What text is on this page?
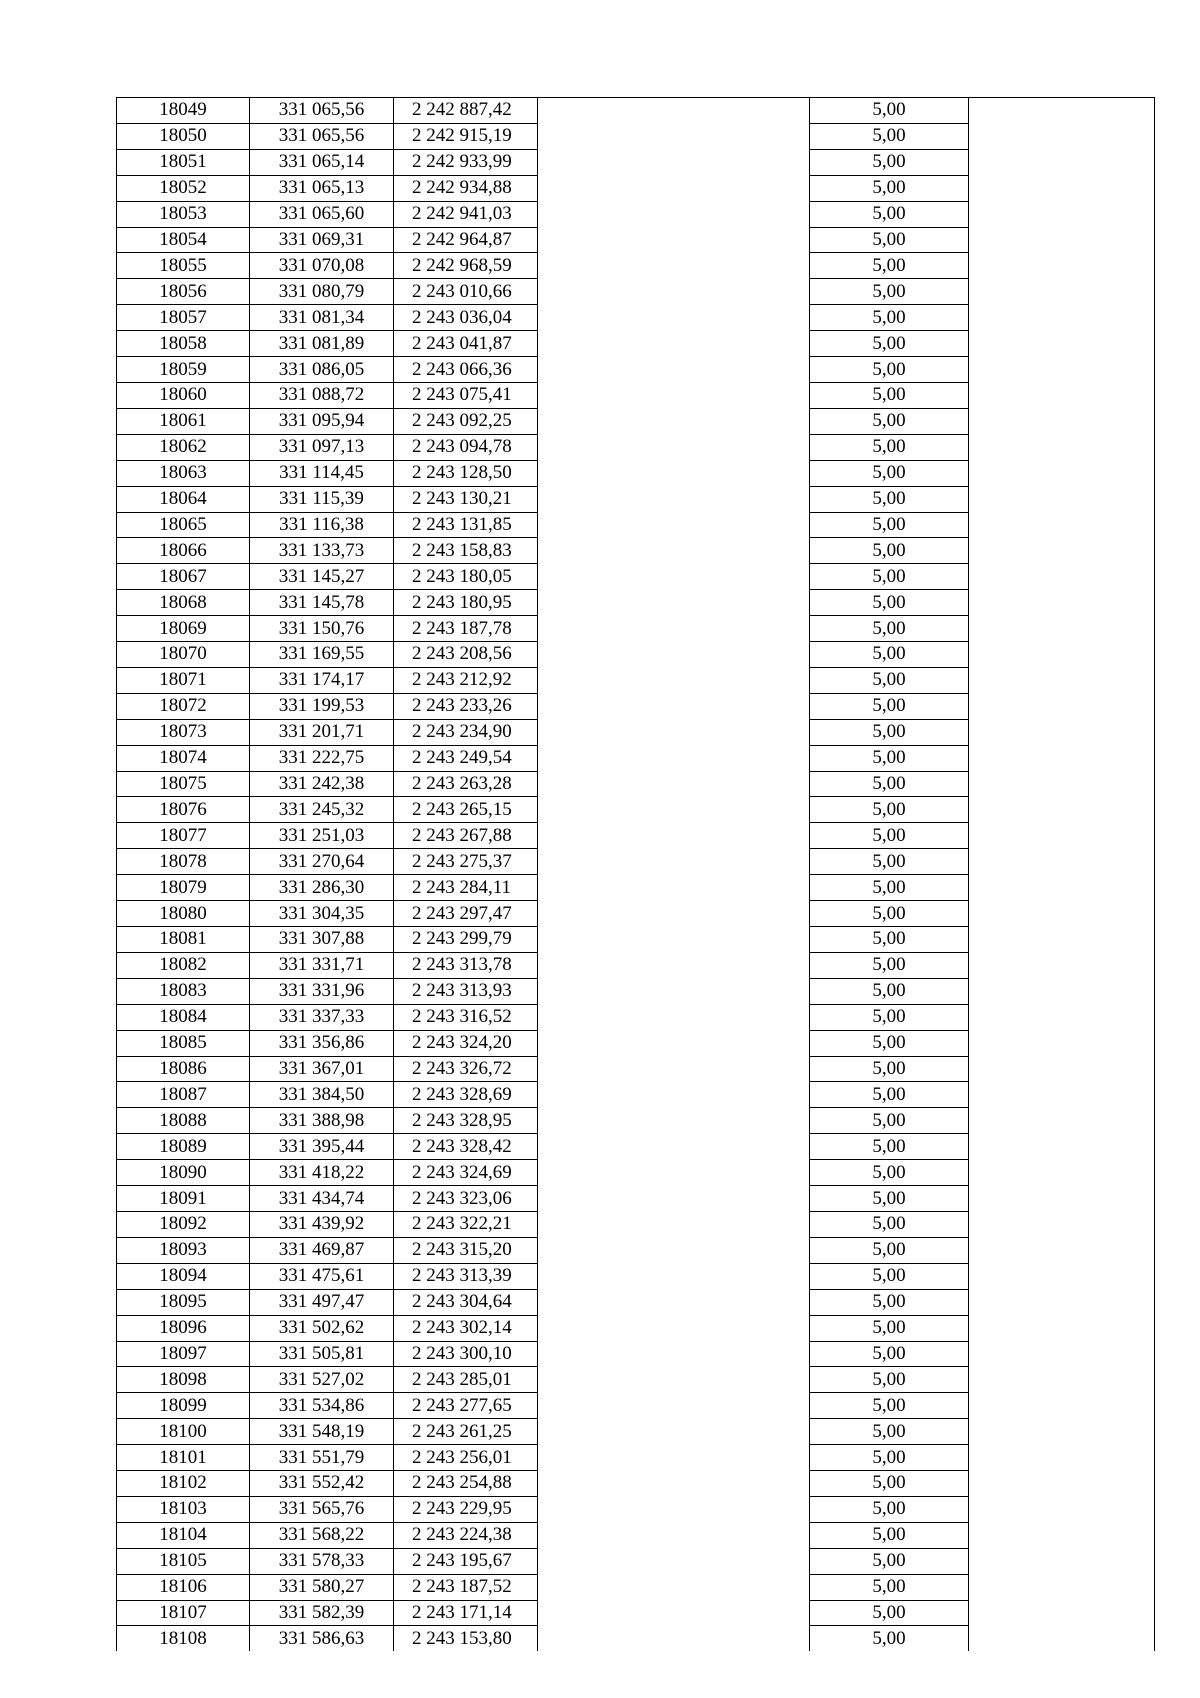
18049	331 065,56	2 242 887,42		5,00	
18050	331 065,56	2 242 915,19		5,00	
18051	331 065,14	2 242 933,99		5,00	
18052	331 065,13	2 242 934,88		5,00	
18053	331 065,60	2 242 941,03		5,00	
18054	331 069,31	2 242 964,87		5,00	
18055	331 070,08	2 242 968,59		5,00	
18056	331 080,79	2 243 010,66		5,00	
18057	331 081,34	2 243 036,04		5,00	
18058	331 081,89	2 243 041,87		5,00	
18059	331 086,05	2 243 066,36		5,00	
18060	331 088,72	2 243 075,41		5,00	
18061	331 095,94	2 243 092,25		5,00	
18062	331 097,13	2 243 094,78		5,00	
18063	331 114,45	2 243 128,50		5,00	
18064	331 115,39	2 243 130,21		5,00	
18065	331 116,38	2 243 131,85		5,00	
18066	331 133,73	2 243 158,83		5,00	
18067	331 145,27	2 243 180,05		5,00	
18068	331 145,78	2 243 180,95		5,00	
18069	331 150,76	2 243 187,78		5,00	
18070	331 169,55	2 243 208,56		5,00	
18071	331 174,17	2 243 212,92		5,00	
18072	331 199,53	2 243 233,26		5,00	
18073	331 201,71	2 243 234,90		5,00	
18074	331 222,75	2 243 249,54		5,00	
18075	331 242,38	2 243 263,28		5,00	
18076	331 245,32	2 243 265,15		5,00	
18077	331 251,03	2 243 267,88		5,00	
18078	331 270,64	2 243 275,37		5,00	
18079	331 286,30	2 243 284,11		5,00	
18080	331 304,35	2 243 297,47		5,00	
18081	331 307,88	2 243 299,79		5,00	
18082	331 331,71	2 243 313,78		5,00	
18083	331 331,96	2 243 313,93		5,00	
18084	331 337,33	2 243 316,52		5,00	
18085	331 356,86	2 243 324,20		5,00	
18086	331 367,01	2 243 326,72		5,00	
18087	331 384,50	2 243 328,69		5,00	
18088	331 388,98	2 243 328,95		5,00	
18089	331 395,44	2 243 328,42		5,00	
18090	331 418,22	2 243 324,69		5,00	
18091	331 434,74	2 243 323,06		5,00	
18092	331 439,92	2 243 322,21		5,00	
18093	331 469,87	2 243 315,20		5,00	
18094	331 475,61	2 243 313,39		5,00	
18095	331 497,47	2 243 304,64		5,00	
18096	331 502,62	2 243 302,14		5,00	
18097	331 505,81	2 243 300,10		5,00	
18098	331 527,02	2 243 285,01		5,00	
18099	331 534,86	2 243 277,65		5,00	
18100	331 548,19	2 243 261,25		5,00	
18101	331 551,79	2 243 256,01		5,00	
18102	331 552,42	2 243 254,88		5,00	
18103	331 565,76	2 243 229,95		5,00	
18104	331 568,22	2 243 224,38		5,00	
18105	331 578,33	2 243 195,67		5,00	
18106	331 580,27	2 243 187,52		5,00	
18107	331 582,39	2 243 171,14		5,00	
18108	331 586,63	2 243 153,80		5,00	
